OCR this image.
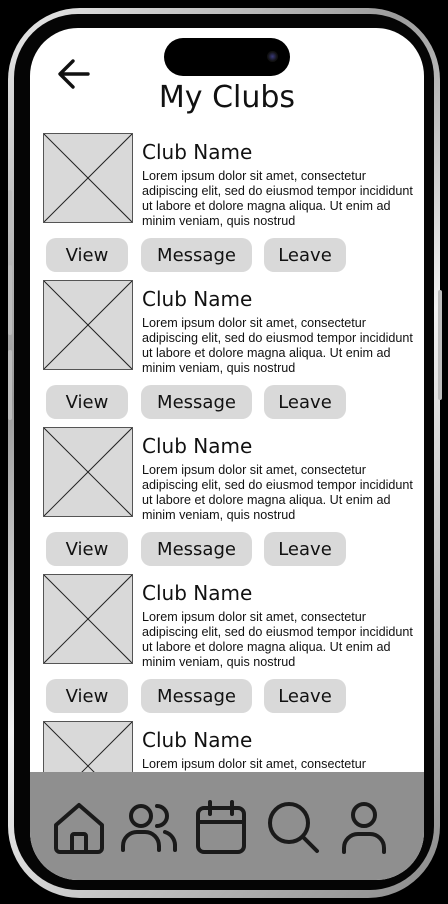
My Clubs
Club Name
Lorem ipsum dolor sit amet, consectetur adipiscing elit, sed do eiusmod tempor incididunt ut labore et dolore magna aliqua. Ut enim ad minim veniam, quis nostrud
View	Message	Leave
Club Name
Lorem ipsum dolor sit amet, consectetur adipiscing elit, sed do eiusmod tempor incididunt ut labore et dolore magna aliqua. Ut enim ad minim veniam, quis nostrud
View	Message	Leave
Club Name
Lorem ipsum dolor sit amet, consectetur adipiscing elit, sed do eiusmod tempor incididunt ut labore et dolore magna aliqua. Ut enim ad minim veniam, quis nostrud
View	Message	Leave
Club Name
Lorem ipsum dolor sit amet, consectetur adipiscing elit, sed do eiusmod tempor incididunt ut labore et dolore magna aliqua. Ut enim ad minim veniam, quis nostrud
View	Message	Leave
Club Name
Lorem ipsum dolor sit amet, consectetur
